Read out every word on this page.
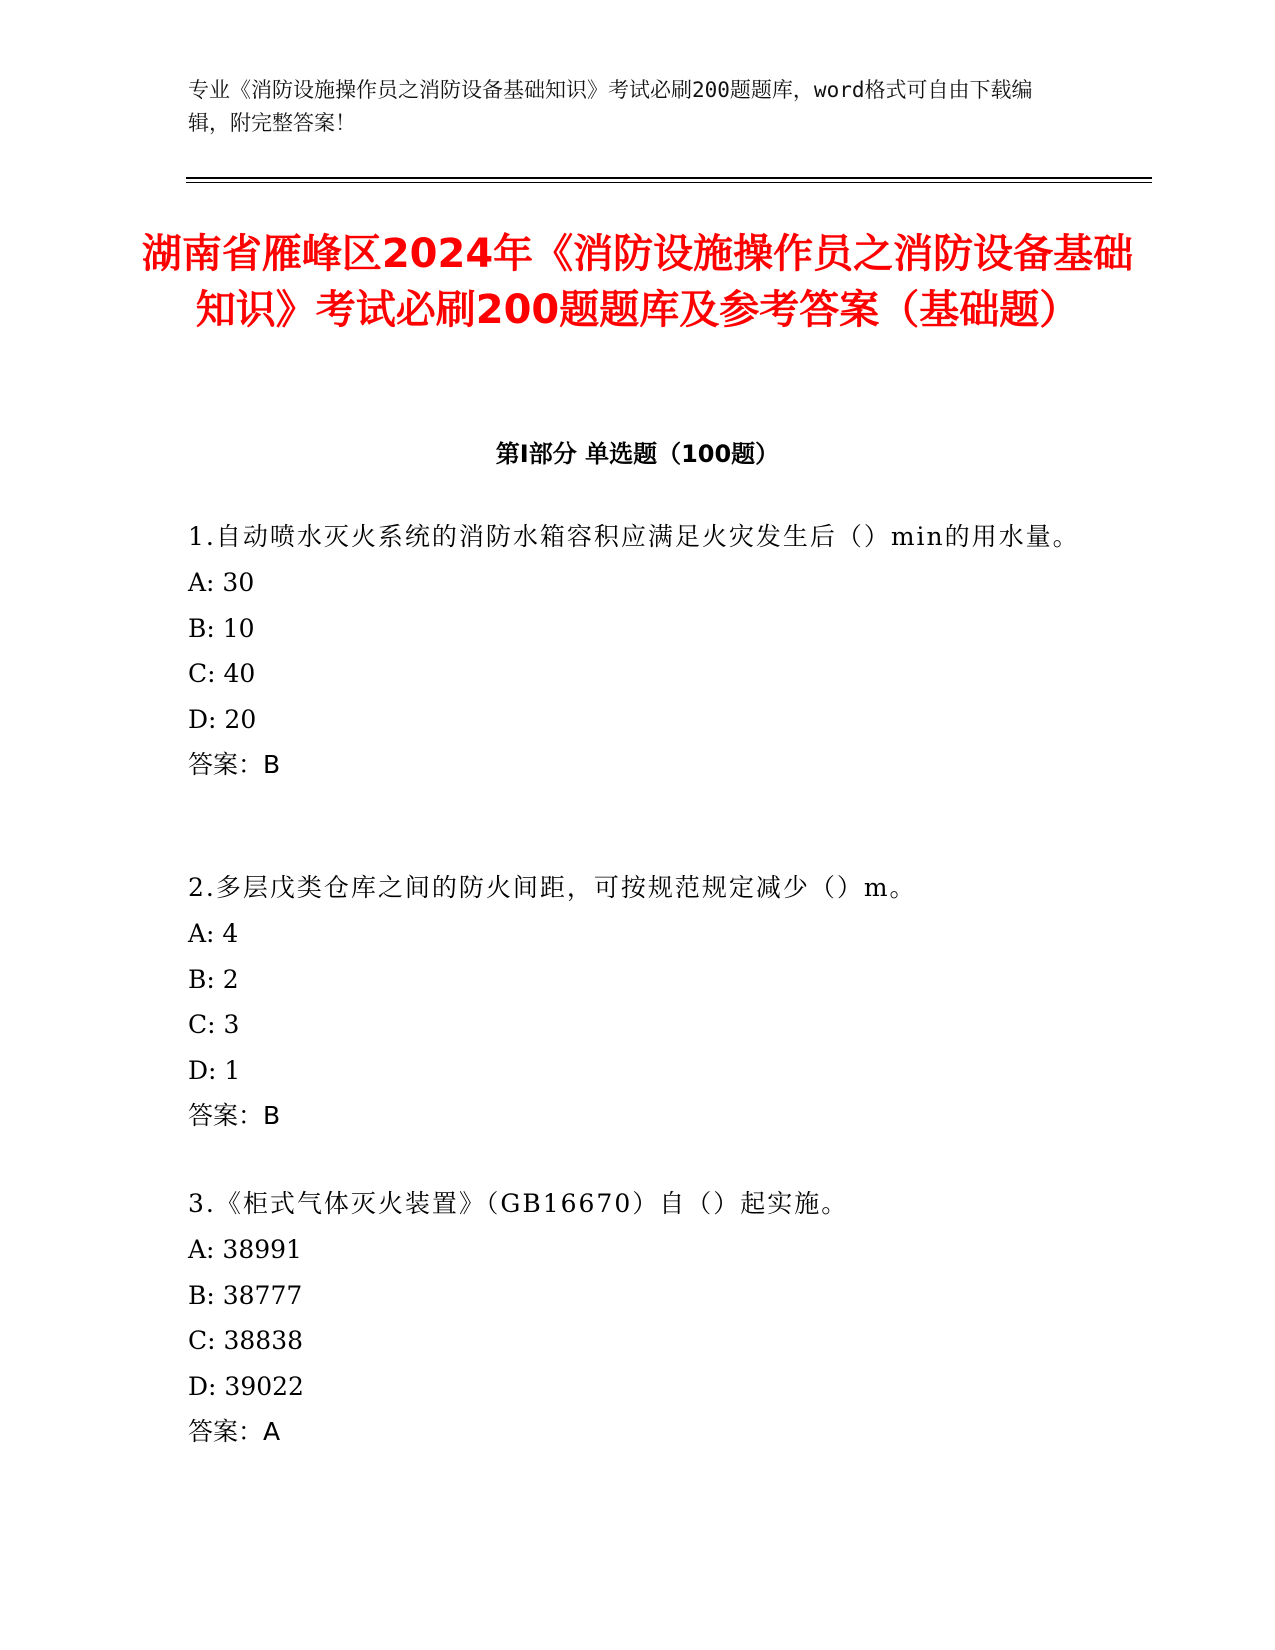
专业《消防设施操作员之消防设备基础知识》考试必刷200题题库，word格式可自由下载编辑，附完整答案！
湖南省雁峰区2024年《消防设施操作员之消防设备基础知识》考试必刷200题题库及参考答案（基础题）
第Ⅰ部分 单选题（100题）

1.自动喷水灭火系统的消防水箱容积应满足火灾发生后（）min的用水量。

A: 30

B: 10

C: 40

D: 20

答案：B

2.多层戊类仓库之间的防火间距，可按规范规定减少（）m。

A: 4

B: 2

C: 3

D: 1

答案：B

3.《柜式气体灭火装置》（GB16670）自（）起实施。

A: 38991

B: 38777

C: 38838

D: 39022

答案：A
